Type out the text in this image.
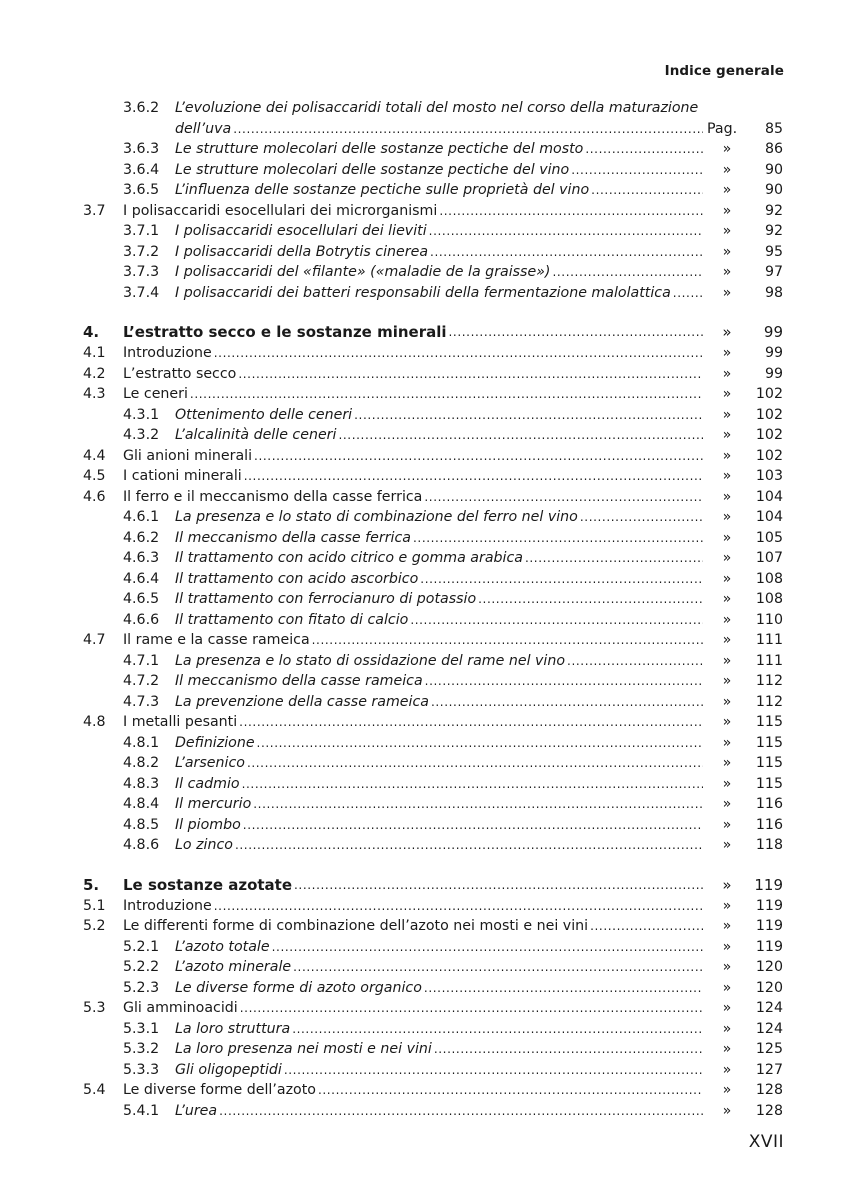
Indice generale
3.6.2 L’evoluzione dei polisaccaridi totali del mosto nel corso della maturazione
dell’uva .....	Pag.	85
3.6.3 Le strutture molecolari delle sostanze pectiche del mosto .....	»	86
3.6.4 Le strutture molecolari delle sostanze pectiche del vino .....	»	90
3.6.5 L’influenza delle sostanze pectiche sulle proprietà del vino .....	»	90
3.7 I polisaccaridi esocellulari dei microrganismi .....	»	92
3.7.1 I polisaccaridi esocellulari dei lieviti .....	»	92
3.7.2 I polisaccaridi della Botrytis cinerea .....	»	95
3.7.3 I polisaccaridi del «filante» («maladie de la graisse») .....	»	97
3.7.4 I polisaccaridi dei batteri responsabili della fermentazione malolattica .....	»	98
4. L’estratto secco e le sostanze minerali .....	»	99
4.1 Introduzione .....	»	99
4.2 L’estratto secco .....	»	99
4.3 Le ceneri .....	»	102
4.3.1 Ottenimento delle ceneri .....	»	102
4.3.2 L’alcalinità delle ceneri .....	»	102
4.4 Gli anioni minerali .....	»	102
4.5 I cationi minerali .....	»	103
4.6 Il ferro e il meccanismo della casse ferrica .....	»	104
4.6.1 La presenza e lo stato di combinazione del ferro nel vino .....	»	104
4.6.2 Il meccanismo della casse ferrica .....	»	105
4.6.3 Il trattamento con acido citrico e gomma arabica .....	»	107
4.6.4 Il trattamento con acido ascorbico .....	»	108
4.6.5 Il trattamento con ferrocianuro di potassio .....	»	108
4.6.6 Il trattamento con fitato di calcio .....	»	110
4.7 Il rame e la casse rameica .....	»	111
4.7.1 La presenza e lo stato di ossidazione del rame nel vino .....	»	111
4.7.2 Il meccanismo della casse rameica .....	»	112
4.7.3 La prevenzione della casse rameica .....	»	112
4.8 I metalli pesanti .....	»	115
4.8.1 Definizione .....	»	115
4.8.2 L’arsenico .....	»	115
4.8.3 Il cadmio .....	»	115
4.8.4 Il mercurio .....	»	116
4.8.5 Il piombo .....	»	116
4.8.6 Lo zinco .....	»	118
5. Le sostanze azotate .....	»	119
5.1 Introduzione .....	»	119
5.2 Le differenti forme di combinazione dell’azoto nei mosti e nei vini .....	»	119
5.2.1 L’azoto totale .....	»	119
5.2.2 L’azoto minerale .....	»	120
5.2.3 Le diverse forme di azoto organico .....	»	120
5.3 Gli amminoacidi .....	»	124
5.3.1 La loro struttura .....	»	124
5.3.2 La loro presenza nei mosti e nei vini .....	»	125
5.3.3 Gli oligopeptidi .....	»	127
5.4 Le diverse forme dell’azoto .....	»	128
5.4.1 L’urea .....	»	128
XVII
